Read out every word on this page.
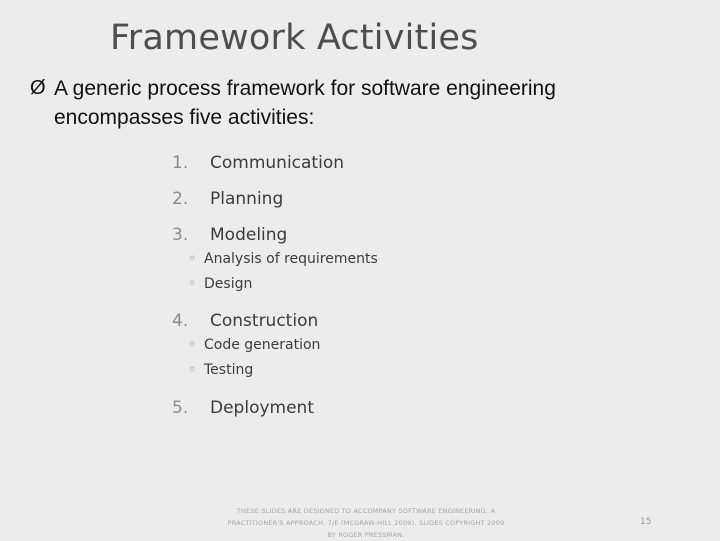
Framework Activities
Ø A generic process framework for software engineering encompasses five activities:
1. Communication
2. Planning
3. Modeling
◦ Analysis of requirements
◦ Design
4. Construction
◦ Code generation
◦ Testing
5. Deployment
THESE SLIDES ARE DESIGNED TO ACCOMPANY SOFTWARE ENGINEERING: A PRACTITIONER'S APPROACH, 7/E (MCGRAW-HILL 2009). SLIDES COPYRIGHT 2009 BY ROGER PRESSMAN.
15
